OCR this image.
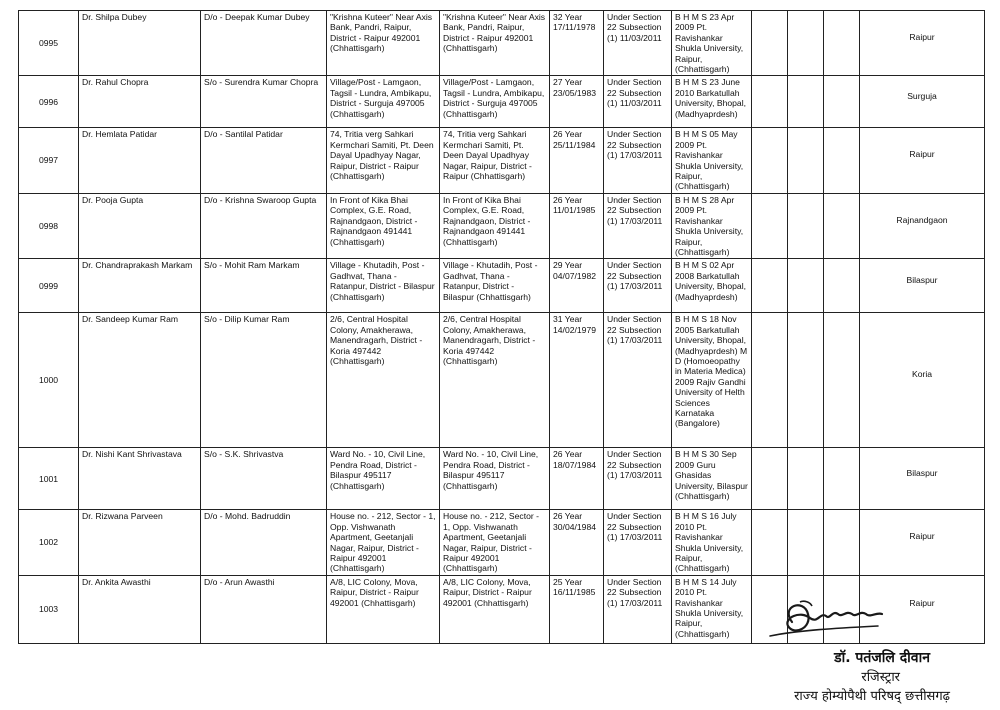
0995	Dr. Shilpa Dubey	D/o - Deepak Kumar Dubey	"Krishna Kuteer" Near Axis Bank, Pandri, Raipur, District - Raipur 492001 (Chhattisgarh)	"Krishna Kuteer" Near Axis Bank, Pandri, Raipur, District - Raipur 492001 (Chhattisgarh)	32 Year 17/11/1978	Under Section 22 Subsection (1) 11/03/2011	B H M S 23 Apr 2009 Pt. Ravishankar Shukla University, Raipur, (Chhattisgarh)				Raipur
0996	Dr. Rahul Chopra	S/o - Surendra Kumar Chopra	Village/Post - Lamgaon, Tagsil - Lundra, Ambikapu, District - Surguja 497005 (Chhattisgarh)	Village/Post - Lamgaon, Tagsil - Lundra, Ambikapu, District - Surguja 497005 (Chhattisgarh)	27 Year 23/05/1983	Under Section 22 Subsection (1) 11/03/2011	B H M S 23 June 2010 Barkatullah University, Bhopal, (Madhyaprdesh)				Surguja
0997	Dr. Hemlata Patidar	D/o - Santilal Patidar	74, Tritia verg Sahkari Kermchari Samiti, Pt. Deen Dayal Upadhyay Nagar, Raipur, District - Raipur (Chhattisgarh)	74, Tritia verg Sahkari Kermchari Samiti, Pt. Deen Dayal Upadhyay Nagar, Raipur, District - Raipur (Chhattisgarh)	26 Year 25/11/1984	Under Section 22 Subsection (1) 17/03/2011	B H M S 05 May 2009 Pt. Ravishankar Shukla University, Raipur, (Chhattisgarh)				Raipur
0998	Dr. Pooja Gupta	D/o - Krishna Swaroop Gupta	In Front of Kika Bhai Complex, G.E. Road, Rajnandgaon, District - Rajnandgaon 491441 (Chhattisgarh)	In Front of Kika Bhai Complex, G.E. Road, Rajnandgaon, District - Rajnandgaon 491441 (Chhattisgarh)	26 Year 11/01/1985	Under Section 22 Subsection (1) 17/03/2011	B H M S 28 Apr 2009 Pt. Ravishankar Shukla University, Raipur, (Chhattisgarh)				Rajnandgaon
0999	Dr. Chandraprakash Markam	S/o - Mohit Ram Markam	Village - Khutadih, Post - Gadhvat, Thana - Ratanpur, District - Bilaspur (Chhattisgarh)	Village - Khutadih, Post - Gadhvat, Thana - Ratanpur, District - Bilaspur (Chhattisgarh)	29 Year 04/07/1982	Under Section 22 Subsection (1) 17/03/2011	B H M S 02 Apr 2008 Barkatullah University, Bhopal, (Madhyaprdesh)				Bilaspur
1000	Dr. Sandeep Kumar Ram	S/o - Dilip Kumar Ram	2/6, Central Hospital Colony, Amakherawa, Manendragarh, District - Koria 497442 (Chhattisgarh)	2/6, Central Hospital Colony, Amakherawa, Manendragarh, District - Koria 497442 (Chhattisgarh)	31 Year 14/02/1979	Under Section 22 Subsection (1) 17/03/2011	B H M S 18 Nov 2005 Barkatullah University, Bhopal, (Madhyaprdesh) M D (Homoeopathy in Materia Medica) 2009 Rajiv Gandhi University of Helth Sciences Karnataka (Bangalore)				Koria
1001	Dr. Nishi Kant Shrivastava	S/o - S.K. Shrivastva	Ward No. - 10, Civil Line, Pendra Road, District - Bilaspur 495117 (Chhattisgarh)	Ward No. - 10, Civil Line, Pendra Road, District - Bilaspur 495117 (Chhattisgarh)	26 Year 18/07/1984	Under Section 22 Subsection (1) 17/03/2011	B H M S 30 Sep 2009 Guru Ghasidas University, Bilaspur (Chhattisgarh)				Bilaspur
1002	Dr. Rizwana Parveen	D/o - Mohd. Badruddin	House no. - 212, Sector - 1, Opp. Vishwanath Apartment, Geetanjali Nagar, Raipur, District - Raipur 492001 (Chhattisgarh)	House no. - 212, Sector - 1, Opp. Vishwanath Apartment, Geetanjali Nagar, Raipur, District - Raipur 492001 (Chhattisgarh)	26 Year 30/04/1984	Under Section 22 Subsection (1) 17/03/2011	B H M S 16 July 2010 Pt. Ravishankar Shukla University, Raipur, (Chhattisgarh)				Raipur
1003	Dr. Ankita Awasthi	D/o - Arun Awasthi	A/8, LIC Colony, Mova, Raipur, District - Raipur 492001 (Chhattisgarh)	A/8, LIC Colony, Mova, Raipur, District - Raipur 492001 (Chhattisgarh)	25 Year 16/11/1985	Under Section 22 Subsection (1) 17/03/2011	B H M S 14 July 2010 Pt. Ravishankar Shukla University, Raipur, (Chhattisgarh)				Raipur
डॉ. पतंजलि दीवान
रजिस्ट्रार
राज्य होम्योपैथी परिषद् छत्तीसगढ़
